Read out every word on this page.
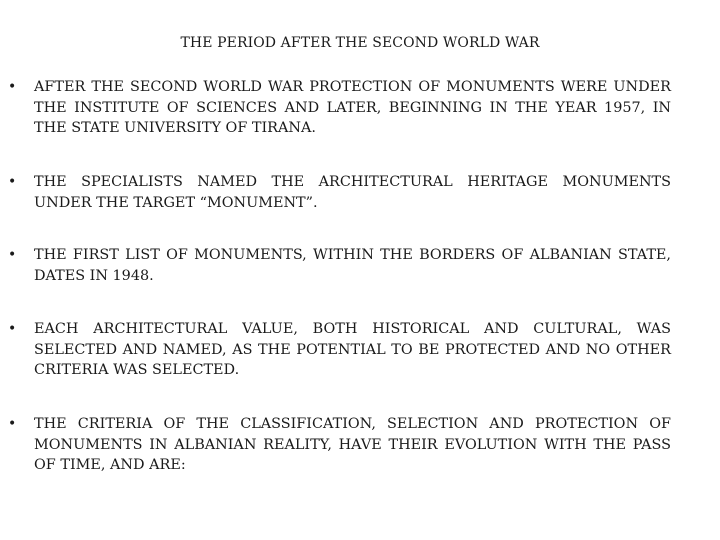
THE PERIOD AFTER THE SECOND WORLD WAR
• AFTER THE SECOND WORLD WAR PROTECTION OF MONUMENTS WERE UNDER THE INSTITUTE OF SCIENCES AND LATER, BEGINNING IN THE YEAR 1957, IN THE STATE UNIVERSITY OF TIRANA.
• THE SPECIALISTS NAMED THE ARCHITECTURAL HERITAGE MONUMENTS UNDER THE TARGET “MONUMENT”.
• THE FIRST LIST OF MONUMENTS, WITHIN THE BORDERS OF ALBANIAN STATE, DATES IN 1948.
• EACH ARCHITECTURAL VALUE, BOTH HISTORICAL AND CULTURAL, WAS SELECTED AND NAMED, AS THE POTENTIAL TO BE PROTECTED AND NO OTHER CRITERIA WAS SELECTED.
• THE CRITERIA OF THE CLASSIFICATION, SELECTION AND PROTECTION OF MONUMENTS IN ALBANIAN REALITY, HAVE THEIR EVOLUTION WITH THE PASS OF TIME, AND ARE:
